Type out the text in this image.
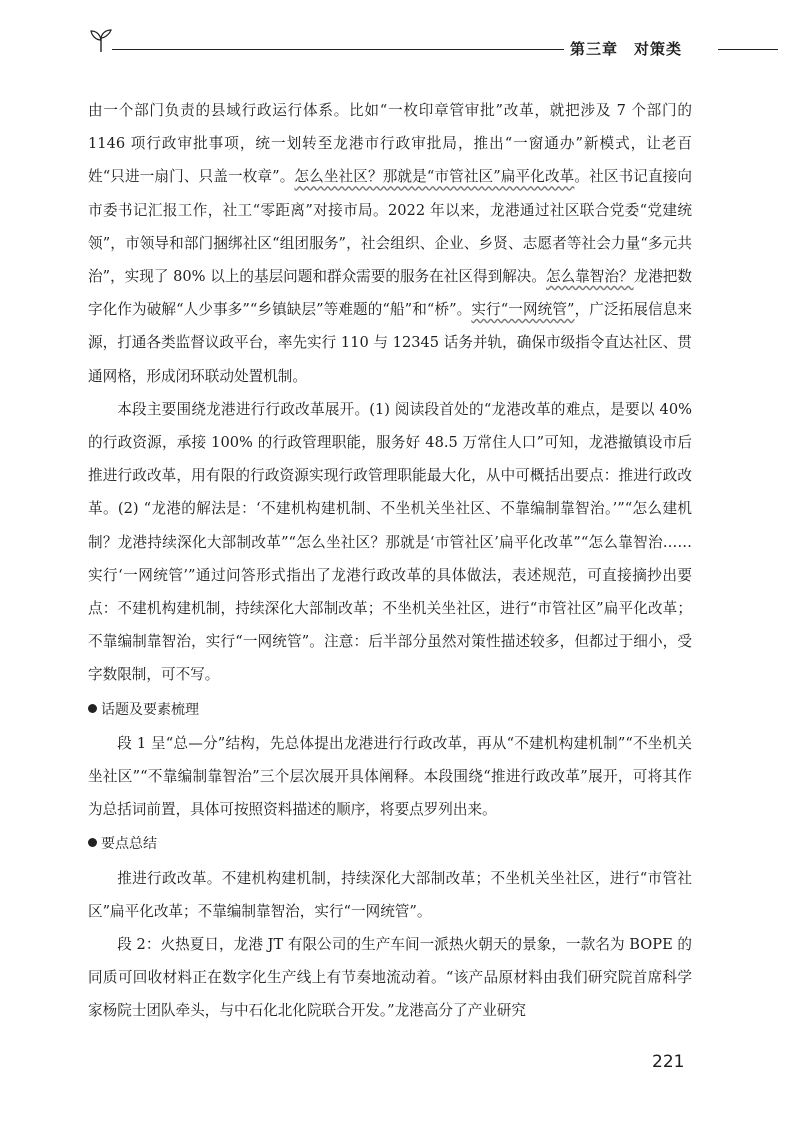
第三章　对策类

由一个部门负责的县域行政运行体系。比如“一枚印章管审批”改革，就把涉及 7 个部门的 1146 项行政审批事项，统一划转至龙港市行政审批局，推出“一窗通办”新模式，让老百姓“只进一扇门、只盖一枚章”。怎么坐社区？那就是“市管社区”扁平化改革。社区书记直接向市委书记汇报工作，社工“零距离”对接市局。2022 年以来，龙港通过社区联合党委“党建统领”，市领导和部门捆绑社区“组团服务”，社会组织、企业、乡贤、志愿者等社会力量“多元共治”，实现了 80% 以上的基层问题和群众需要的服务在社区得到解决。怎么靠智治？龙港把数字化作为破解“人少事多”“乡镇缺层”等难题的“船”和“桥”。实行“一网统管”，广泛拓展信息来源，打通各类监督议政平台，率先实行 110 与 12345 话务并轨，确保市级指令直达社区、贯通网格，形成闭环联动处置机制。

本段主要围绕龙港进行行政改革展开。(1) 阅读段首处的“龙港改革的难点，是要以 40% 的行政资源，承接 100% 的行政管理职能，服务好 48.5 万常住人口”可知，龙港撤镇设市后推进行政改革，用有限的行政资源实现行政管理职能最大化，从中可概括出要点：推进行政改革。(2) “龙港的解法是：‘不建机构建机制、不坐机关坐社区、不靠编制靠智治。’”“怎么建机制？龙港持续深化大部制改革”“怎么坐社区？那就是‘市管社区’扁平化改革”“怎么靠智治……实行‘一网统管’”通过问答形式指出了龙港行政改革的具体做法，表述规范，可直接摘抄出要点：不建机构建机制，持续深化大部制改革；不坐机关坐社区，进行“市管社区”扁平化改革；不靠编制靠智治，实行“一网统管”。注意：后半部分虽然对策性描述较多，但都过于细小，受字数限制，可不写。

话题及要素梳理

段 1 呈“总—分”结构，先总体提出龙港进行行政改革，再从“不建机构建机制”“不坐机关坐社区”“不靠编制靠智治”三个层次展开具体阐释。本段围绕“推进行政改革”展开，可将其作为总括词前置，具体可按照资料描述的顺序，将要点罗列出来。

要点总结

推进行政改革。不建机构建机制，持续深化大部制改革；不坐机关坐社区，进行“市管社区”扁平化改革；不靠编制靠智治，实行“一网统管”。

段 2：火热夏日，龙港 JT 有限公司的生产车间一派热火朝天的景象，一款名为 BOPE 的同质可回收材料正在数字化生产线上有节奏地流动着。“该产品原材料由我们研究院首席科学家杨院士团队牵头，与中石化北化院联合开发。”龙港高分了产业研究

221
